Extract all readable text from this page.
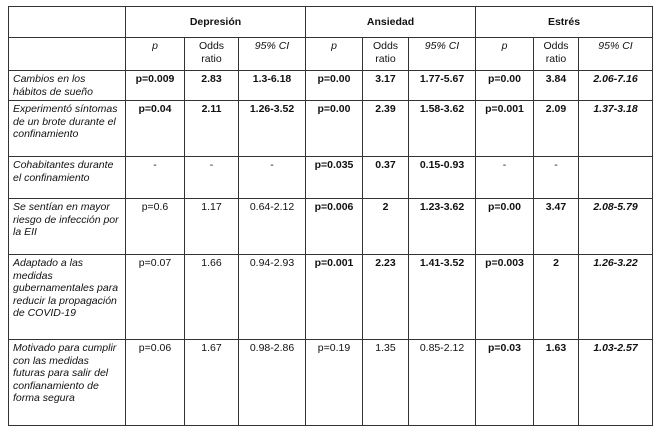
	Depresión			Ansiedad			Estrés		
	p	Odds ratio	95% CI	p	Odds ratio	95% CI	p	Odds ratio	95% CI
Cambios en los hábitos de sueño	p=0.009	2.83	1.3-6.18	p=0.00	3.17	1.77-5.67	p=0.00	3.84	2.06-7.16
Experimentó síntomas de un brote durante el confinamiento	p=0.04	2.11	1.26-3.52	p=0.00	2.39	1.58-3.62	p=0.001	2.09	1.37-3.18
Cohabitantes durante el confinamiento	-	-	-	p=0.035	0.37	0.15-0.93	-	-	
Se sentían en mayor riesgo de infección por la EII	p=0.6	1.17	0.64-2.12	p=0.006	2	1.23-3.62	p=0.00	3.47	2.08-5.79
Adaptado a las medidas gubernamentales para reducir la propagación de COVID-19	p=0.07	1.66	0.94-2.93	p=0.001	2.23	1.41-3.52	p=0.003	2	1.26-3.22
Motivado para cumplir con las medidas futuras para salir del confianamiento de forma segura	p=0.06	1.67	0.98-2.86	p=0.19	1.35	0.85-2.12	p=0.03	1.63	1.03-2.57
